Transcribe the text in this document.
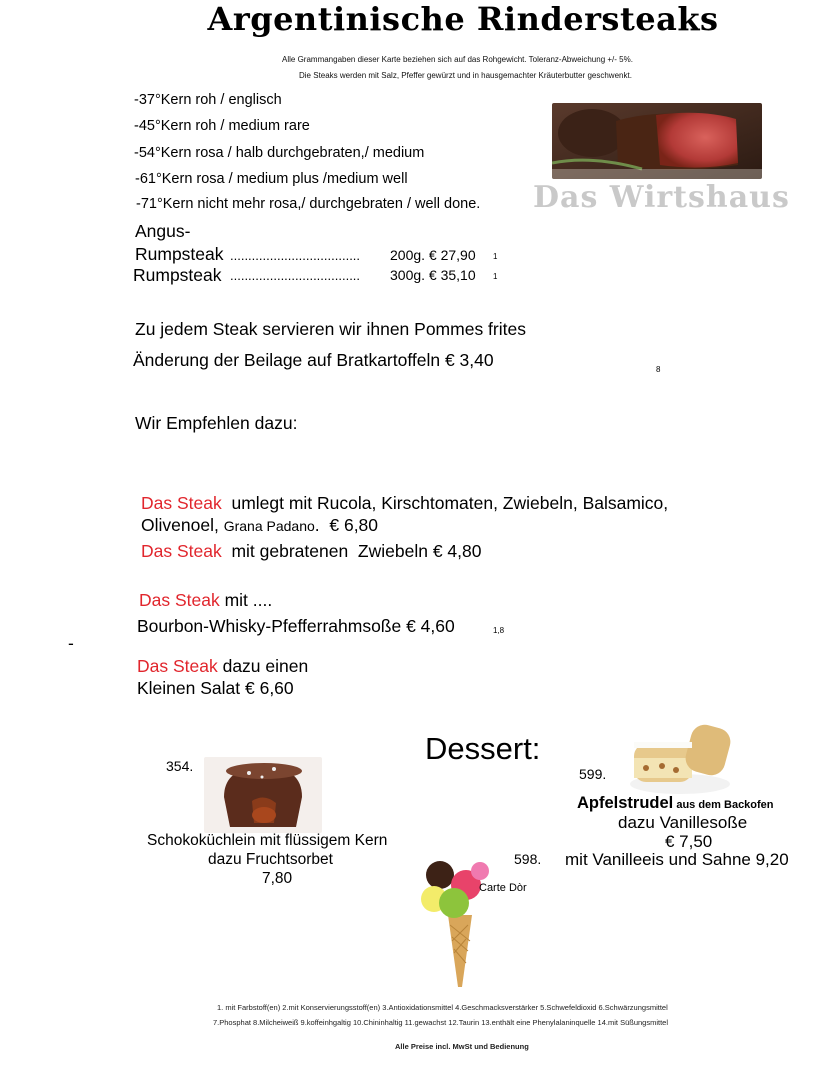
Argentinische Rindersteaks
Alle Grammangaben dieser Karte beziehen sich auf das Rohgewicht. Toleranz-Abweichung +/- 5%.
Die Steaks werden mit Salz, Pfeffer gewürzt und in hausgemachter Kräuterbutter geschwenkt.
-37°Kern roh / englisch
-45°Kern roh / medium rare
-54°Kern rosa / halb durchgebraten,/ medium
-61°Kern rosa / medium plus /medium well
-71°Kern nicht mehr rosa,/ durchgebraten / well done. Das Wirtshaus
Angus-
Rumpsteak .................................... 200g. € 27,90 1
Rumpsteak .................................... 300g. € 35,10 1
Zu jedem Steak servieren wir ihnen Pommes frites
Änderung der Beilage auf Bratkartoffeln € 3,40	8
Wir Empfehlen dazu:
Das Steak  umlegt mit Rucola, Kirschtomaten, Zwiebeln, Balsamico,
Olivenoel, Grana Padano.  € 6,80
Das Steak  mit gebratenen  Zwiebeln € 4,80
Das Steak mit ....
Bourbon-Whisky-Pfefferrahmsoße € 4,60	1,8
-
Das Steak dazu einen
Kleinen Salat € 6,60
Dessert:
354.
Schokoküchlein mit flüssigem Kern
dazu Fruchtsorbet
7,80
598.
Carte Dòr
599.
Apfelstrudel aus dem Backofen
dazu Vanillesoße
€ 7,50
mit Vanilleeis und Sahne 9,20
1. mit Farbstoff(en) 2.mit Konservierungsstoff(en) 3.Antioxidationsmittel 4.Geschmacksverstärker 5.Schwefeldioxid 6.Schwärzungsmittel
7.Phosphat 8.Milcheiweiß 9.koffeinhgaltig 10.Chininhaltig 11.gewachst 12.Taurin 13.enthält eine Phenylalaninquelle 14.mit Süßungsmittel
Alle Preise incl. MwSt und Bedienung
